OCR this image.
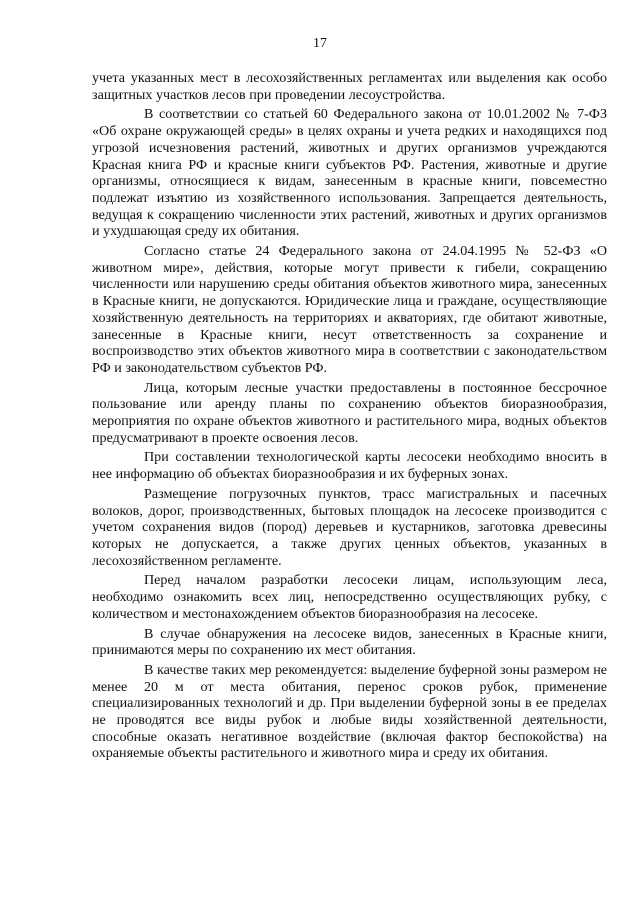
17

учета указанных мест в лесохозяйственных регламентах или выделения как особо защитных участков лесов при проведении лесоустройства.

В соответствии со статьей 60 Федерального закона от 10.01.2002 № 7-ФЗ «Об охране окружающей среды» в целях охраны и учета редких и находящихся под угрозой исчезновения растений, животных и других организмов учреждаются Красная книга РФ и красные книги субъектов РФ. Растения, животные и другие организмы, относящиеся к видам, занесенным в красные книги, повсеместно подлежат изъятию из хозяйственного использования. Запрещается деятельность, ведущая к сокращению численности этих растений, животных и других организмов и ухудшающая среду их обитания.

Согласно статье 24 Федерального закона от 24.04.1995 № 52-ФЗ «О животном мире», действия, которые могут привести к гибели, сокращению численности или нарушению среды обитания объектов животного мира, занесенных в Красные книги, не допускаются. Юридические лица и граждане, осуществляющие хозяйственную деятельность на территориях и акваториях, где обитают животные, занесенные в Красные книги, несут ответственность за сохранение и воспроизводство этих объектов животного мира в соответствии с законодательством РФ и законодательством субъектов РФ.

Лица, которым лесные участки предоставлены в постоянное бессрочное пользование или аренду планы по сохранению объектов биоразнообразия, мероприятия по охране объектов животного и растительного мира, водных объектов предусматривают в проекте освоения лесов.

При составлении технологической карты лесосеки необходимо вносить в нее информацию об объектах биоразнообразия и их буферных зонах.

Размещение погрузочных пунктов, трасс магистральных и пасечных волоков, дорог, производственных, бытовых площадок на лесосеке производится с учетом сохранения видов (пород) деревьев и кустарников, заготовка древесины которых не допускается, а также других ценных объектов, указанных в лесохозяйственном регламенте.

Перед началом разработки лесосеки лицам, использующим леса, необходимо ознакомить всех лиц, непосредственно осуществляющих рубку, с количеством и местонахождением объектов биоразнообразия на лесосеке.

В случае обнаружения на лесосеке видов, занесенных в Красные книги, принимаются меры по сохранению их мест обитания.

В качестве таких мер рекомендуется: выделение буферной зоны размером не менее 20 м от места обитания, перенос сроков рубок, применение специализированных технологий и др. При выделении буферной зоны в ее пределах не проводятся все виды рубок и любые виды хозяйственной деятельности, способные оказать негативное воздействие (включая фактор беспокойства) на охраняемые объекты растительного и животного мира и среду их обитания.
